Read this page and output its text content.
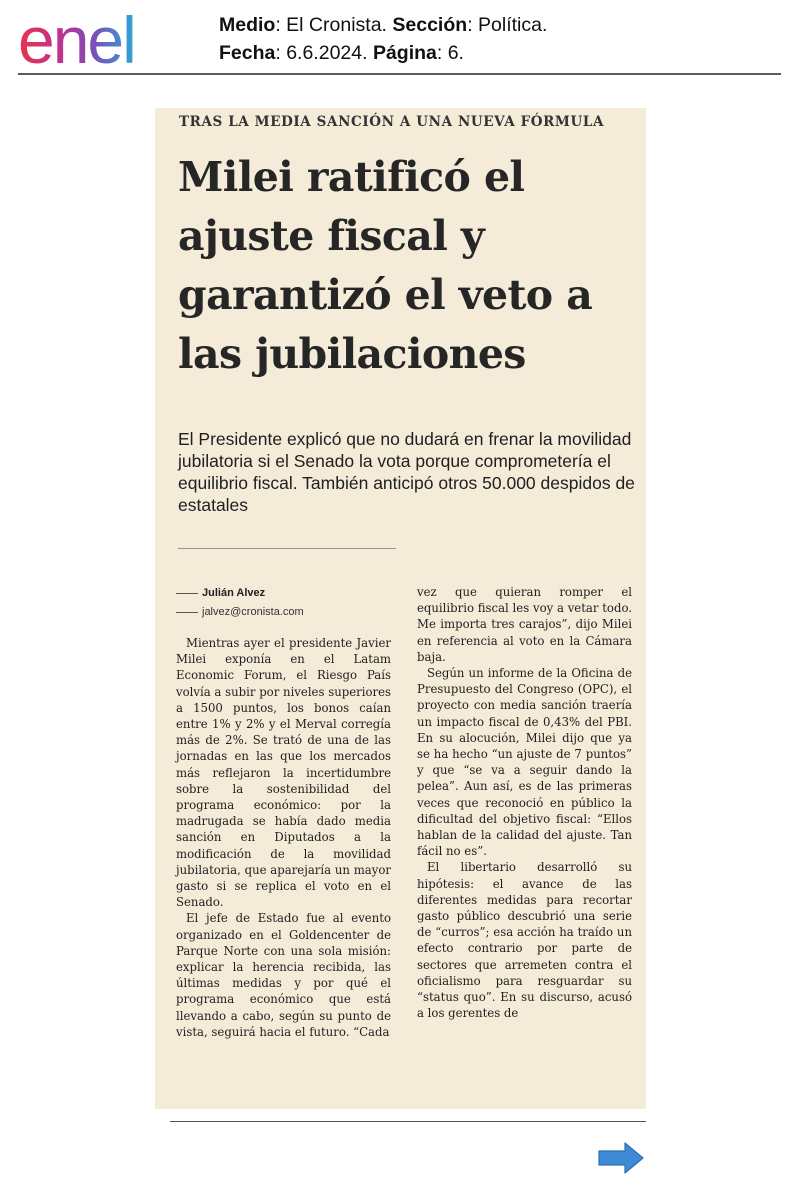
enel	Medio: El Cronista. Sección: Política.
Fecha: 6.6.2024. Página: 6.
TRAS LA MEDIA SANCIÓN A UNA NUEVA FÓRMULA
Milei ratificó el ajuste fiscal y garantizó el veto a las jubilaciones

El Presidente explicó que no dudará en frenar la movilidad jubilatoria si el Senado la vota porque comprometería el equilibrio fiscal. También anticipó otros 50.000 despidos de estatales

Julián Alvez
jalvez@cronista.com

Mientras ayer el presidente Javier Milei exponía en el Latam Economic Forum, el Riesgo País volvía a subir por niveles superiores a 1500 puntos, los bonos caían entre 1% y 2% y el Merval corregía más de 2%. Se trató de una de las jornadas en las que los mercados más reflejaron la incertidumbre sobre la sostenibilidad del programa económico: por la madrugada se había dado media sanción en Diputados a la modificación de la movilidad jubilatoria, que aparejaría un mayor gasto si se replica el voto en el Senado.

El jefe de Estado fue al evento organizado en el Goldencenter de Parque Norte con una sola misión: explicar la herencia recibida, las últimas medidas y por qué el programa económico que está llevando a cabo, según su punto de vista, seguirá hacia el futuro. “Cada

vez que quieran romper el equilibrio fiscal les voy a vetar todo. Me importa tres carajos”, dijo Milei en referencia al voto en la Cámara baja.

Según un informe de la Oficina de Presupuesto del Congreso (OPC), el proyecto con media sanción traería un impacto fiscal de 0,43% del PBI. En su alocución, Milei dijo que ya se ha hecho “un ajuste de 7 puntos” y que “se va a seguir dando la pelea”. Aun así, es de las primeras veces que reconoció en público la dificultad del objetivo fiscal: “Ellos hablan de la calidad del ajuste. Tan fácil no es”.

El libertario desarrolló su hipótesis: el avance de las diferentes medidas para recortar gasto público descubrió una serie de “curros”; esa acción ha traído un efecto contrario por parte de sectores que arremeten contra el oficialismo para resguardar su “status quo”. En su discurso, acusó a los gerentes de
